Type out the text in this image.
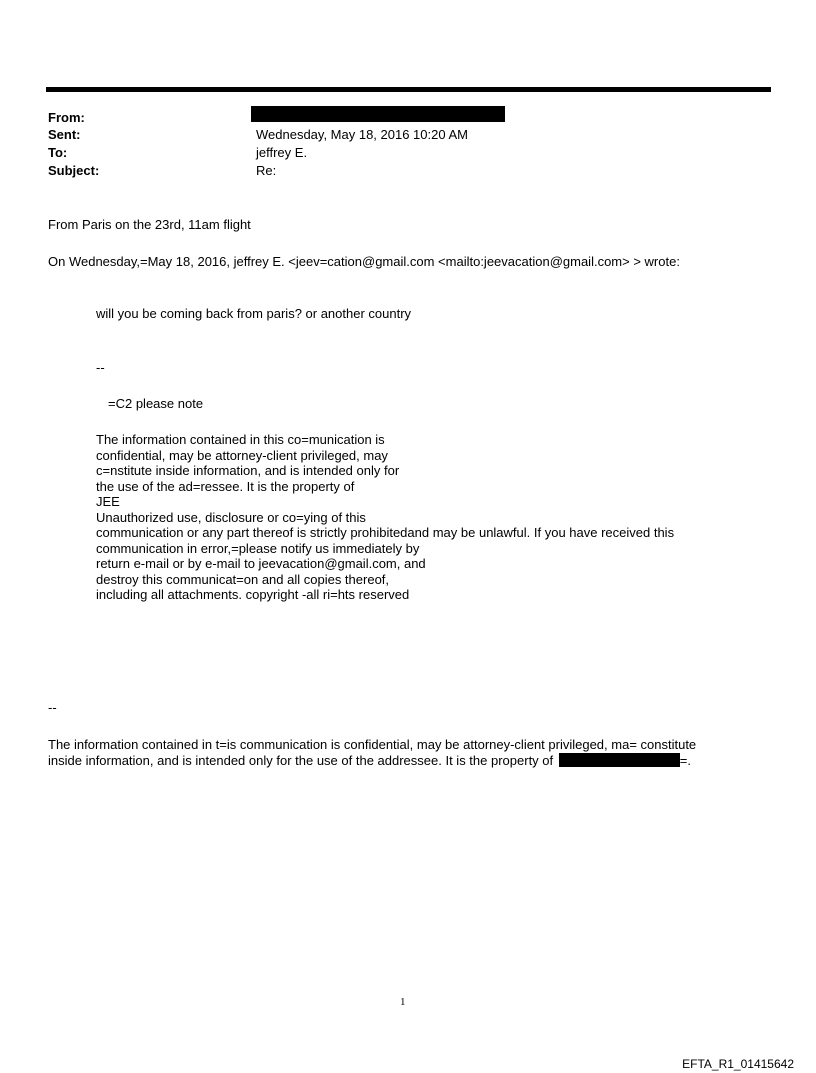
From:
Sent:	Wednesday, May 18, 2016 10:20 AM
To:	jeffrey E.
Subject:	Re:
From Paris on the 23rd, 11am flight
On Wednesday,=May 18, 2016, jeffrey E. <jeev=cation@gmail.com <mailto:jeevacation@gmail.com> > wrote:
will you be coming back from paris? or another country
--
=C2 please note
The information contained in this co=munication is
confidential, may be attorney-client privileged, may
c=nstitute inside information, and is intended only for
the use of the ad=ressee. It is the property of
JEE
Unauthorized use, disclosure or co=ying of this
communication or any part thereof is strictly prohibitedand may be unlawful. If you have received this
communication in error,=please notify us immediately by
return e-mail or by e-mail to jeevacation@gmail.com, and
destroy this communicat=on and all copies thereof,
including all attachments. copyright -all ri=hts reserved
--
The information contained in t=is communication is confidential, may be attorney-client privileged, ma= constitute
inside information, and is intended only for the use of the addressee. It is the property of	=.
1
EFTA_R1_01415642
